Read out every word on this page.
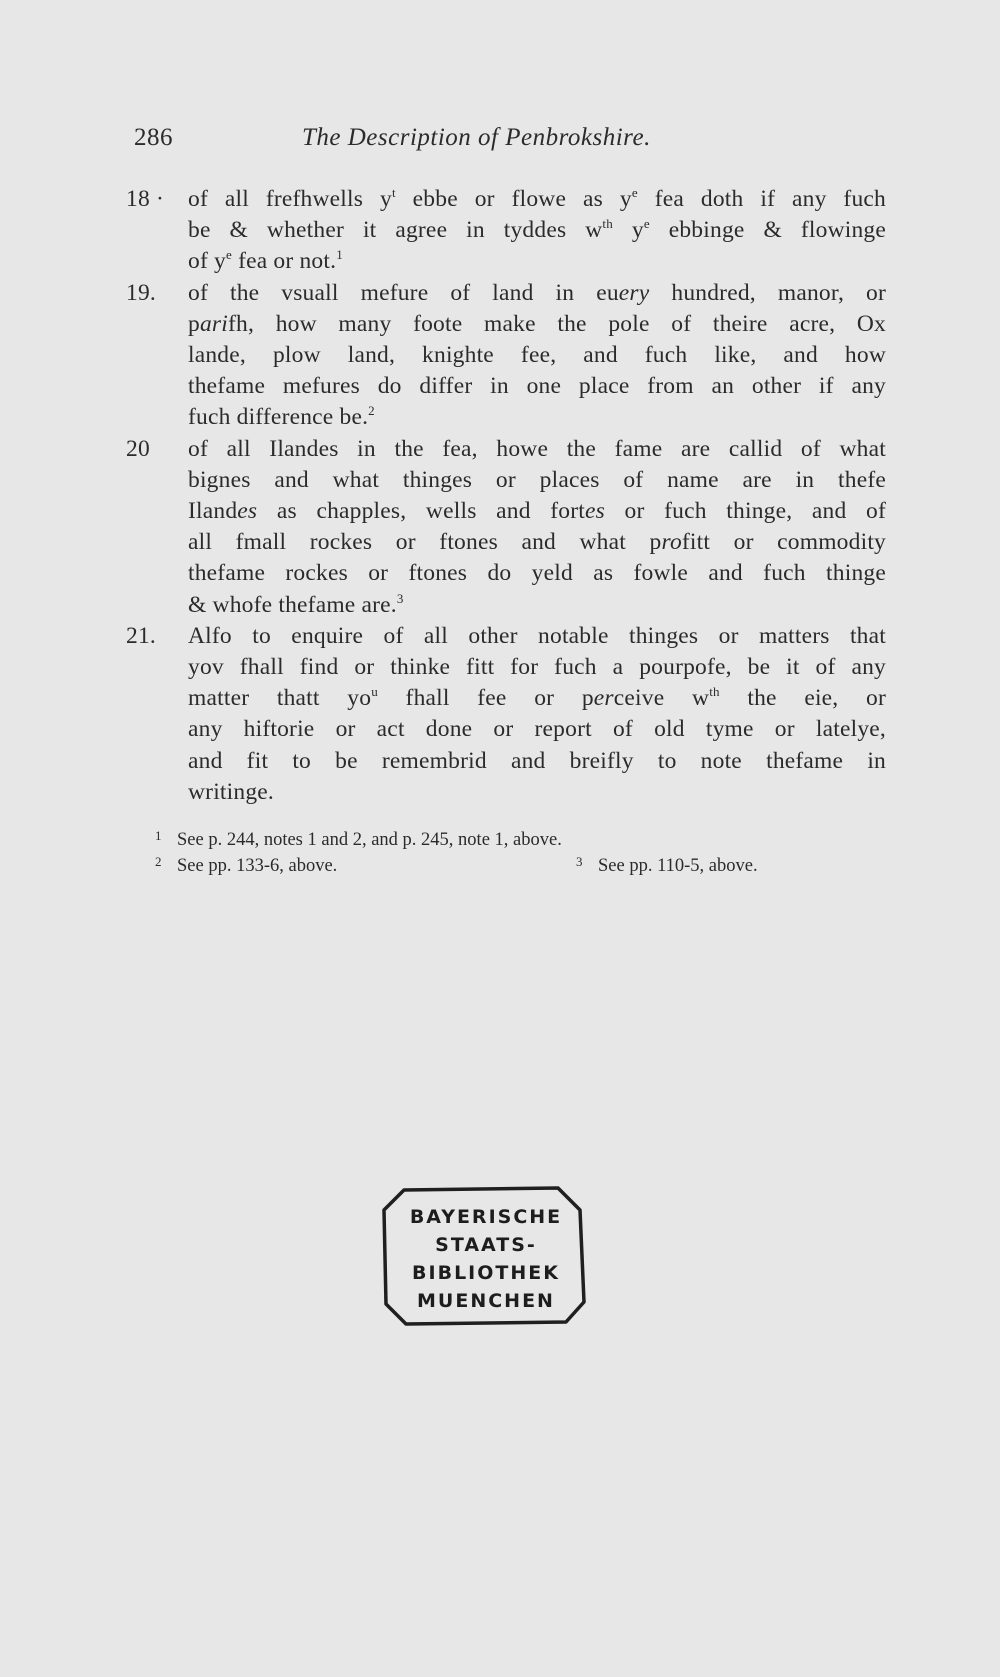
286	The Description of Penbrokshire.
18 ·	of all frefhwells $y^t$ ebbe or flowe as $y^e$ fea doth if any fuch
be & whether it agree in tyddes $w^{th}$ $y^e$ ebbinge & flowinge
of $y^e$ fea or not.$^1$
19.	of the vsuall mefure of land in euery hundred, manor, or
parifh, how many foote make the pole of theire acre, Ox
lande, plow land, knighte fee, and fuch like, and how
thefame mefures do differ in one place from an other if any
fuch difference be.$^2$
20	of all Ilandes in the fea, howe the fame are callid of what
bignes and what thinges or places of name are in thefe
Ilandes as chapples, wells and fortes or fuch thinge, and of
all fmall rockes or ftones and what profitt or commodity
thefame rockes or ftones do yeld as fowle and fuch thinge
& whofe thefame are.$^3$
21.	Alfo to enquire of all other notable thinges or matters that
yov fhall find or thinke fitt for fuch a pourpofe, be it of any
matter thatt $yo^u$ fhall fee or perceive $w^{th}$ the eie, or
any hiftorie or act done or report of old tyme or latelye,
and fit to be remembrid and breifly to note thefame in
writinge.
1 See p. 244, notes 1 and 2, and p. 245, note 1, above.
2 See pp. 133-6, above.	3 See pp. 110-5, above.
BAYERISCHE
STAATS-
BIBLIOTHEK
MUENCHEN
